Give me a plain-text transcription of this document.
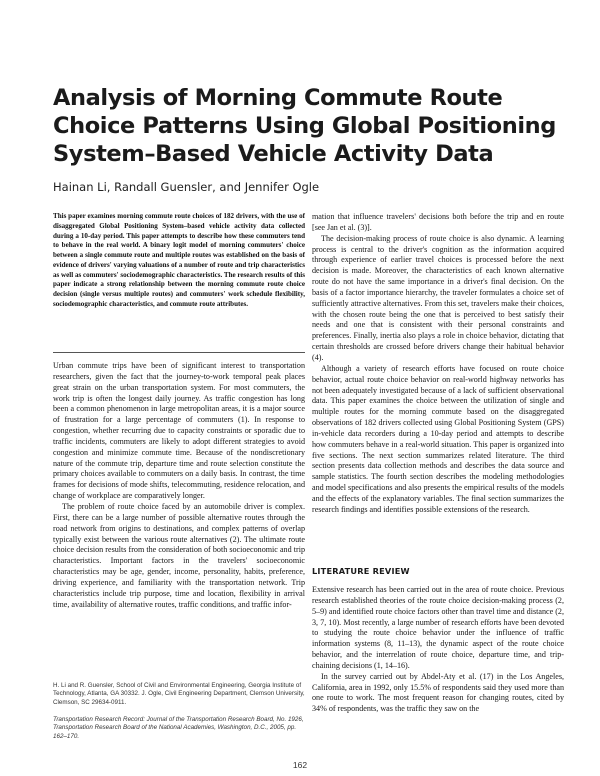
Analysis of Morning Commute Route
Choice Patterns Using Global Positioning
System–Based Vehicle Activity Data

Hainan Li, Randall Guensler, and Jennifer Ogle

This paper examines morning commute route choices of 182 drivers, with the use of disaggregated Global Positioning System–based vehicle activity data collected during a 10-day period. This paper attempts to describe how these commuters tend to behave in the real world. A binary logit model of morning commuters' choice between a single commute route and multiple routes was established on the basis of evidence of drivers' varying valuations of a number of route and trip characteristics as well as commuters' sociodemographic characteristics. The research results of this paper indicate a strong relationship between the morning commute route choice decision (single versus multiple routes) and commuters' work schedule flexibility, sociodemographic characteristics, and commute route attributes.

Urban commute trips have been of significant interest to transportation researchers, given the fact that the journey-to-work temporal peak places great strain on the urban transportation system. For most commuters, the work trip is often the longest daily journey. As traffic congestion has long been a common phenomenon in large metropolitan areas, it is a major source of frustration for a large percentage of commuters (1). In response to congestion, whether recurring due to capacity constraints or sporadic due to traffic incidents, commuters are likely to adopt different strategies to avoid congestion and minimize commute time. Because of the nondiscretionary nature of the commute trip, departure time and route selection constitute the primary choices available to commuters on a daily basis. In contrast, the time frames for decisions of mode shifts, telecommuting, residence relocation, and change of workplace are comparatively longer.

The problem of route choice faced by an automobile driver is complex. First, there can be a large number of possible alternative routes through the road network from origins to destinations, and complex patterns of overlap typically exist between the various route alternatives (2). The ultimate route choice decision results from the consideration of both socioeconomic and trip characteristics. Important factors in the travelers' socioeconomic characteristics may be age, gender, income, personality, habits, preference, driving experience, and familiarity with the transportation network. Trip characteristics include trip purpose, time and location, flexibility in arrival time, availability of alternative routes, traffic conditions, and traffic infor-

mation that influence travelers' decisions both before the trip and en route [see Jan et al. (3)].

The decision-making process of route choice is also dynamic. A learning process is central to the driver's cognition as the information acquired through experience of earlier travel choices is processed before the next decision is made. Moreover, the characteristics of each known alternative route do not have the same importance in a driver's final decision. On the basis of a factor importance hierarchy, the traveler formulates a choice set of sufficiently attractive alternatives. From this set, travelers make their choices, with the chosen route being the one that is perceived to best satisfy their needs and one that is consistent with their personal constraints and preferences. Finally, inertia also plays a role in choice behavior, dictating that certain thresholds are crossed before drivers change their habitual behavior (4).

Although a variety of research efforts have focused on route choice behavior, actual route choice behavior on real-world highway networks has not been adequately investigated because of a lack of sufficient observational data. This paper examines the choice between the utilization of single and multiple routes for the morning commute based on the disaggregated observations of 182 drivers collected using Global Positioning System (GPS) in-vehicle data recorders during a 10-day period and attempts to describe how commuters behave in a real-world situation. This paper is organized into five sections. The next section summarizes related literature. The third section presents data collection methods and describes the data source and sample statistics. The fourth section describes the modeling methodologies and model specifications and also presents the empirical results of the models and the effects of the explanatory variables. The final section summarizes the research findings and identifies possible extensions of the research.

LITERATURE REVIEW

Extensive research has been carried out in the area of route choice. Previous research established theories of the route choice decision-making process (2, 5–9) and identified route choice factors other than travel time and distance (2, 3, 7, 10). Most recently, a large number of research efforts have been devoted to studying the route choice behavior under the influence of traffic information systems (8, 11–13), the dynamic aspect of the route choice behavior, and the interrelation of route choice, departure time, and trip-chaining decisions (1, 14–16).

In the survey carried out by Abdel-Aty et al. (17) in the Los Angeles, California, area in 1992, only 15.5% of respondents said they used more than one route to work. The most frequent reason for changing routes, cited by 34% of respondents, was the traffic they saw on the

H. Li and R. Guensler, School of Civil and Environmental Engineering, Georgia Institute of Technology, Atlanta, GA 30332. J. Ogle, Civil Engineering Department, Clemson University, Clemson, SC 29634-0911.

Transportation Research Record: Journal of the Transportation Research Board, No. 1926, Transportation Research Board of the National Academies, Washington, D.C., 2005, pp. 162–170.

162
